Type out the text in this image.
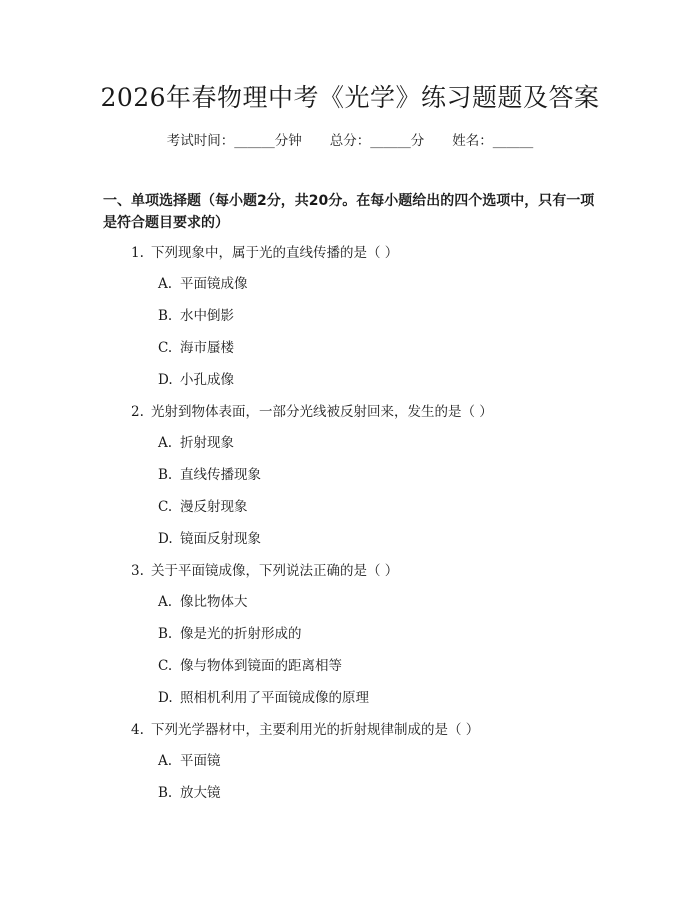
2026年春物理中考《光学》练习题题及答案
考试时间：______分钟 总分：______分 姓名：______
一、单项选择题（每小题2分，共20分。在每小题给出的四个选项中，只有一项是符合题目要求的）
1. 下列现象中，属于光的直线传播的是（ ）
A. 平面镜成像
B. 水中倒影
C. 海市蜃楼
D. 小孔成像
2. 光射到物体表面，一部分光线被反射回来，发生的是（ ）
A. 折射现象
B. 直线传播现象
C. 漫反射现象
D. 镜面反射现象
3. 关于平面镜成像，下列说法正确的是（ ）
A. 像比物体大
B. 像是光的折射形成的
C. 像与物体到镜面的距离相等
D. 照相机利用了平面镜成像的原理
4. 下列光学器材中，主要利用光的折射规律制成的是（ ）
A. 平面镜
B. 放大镜
